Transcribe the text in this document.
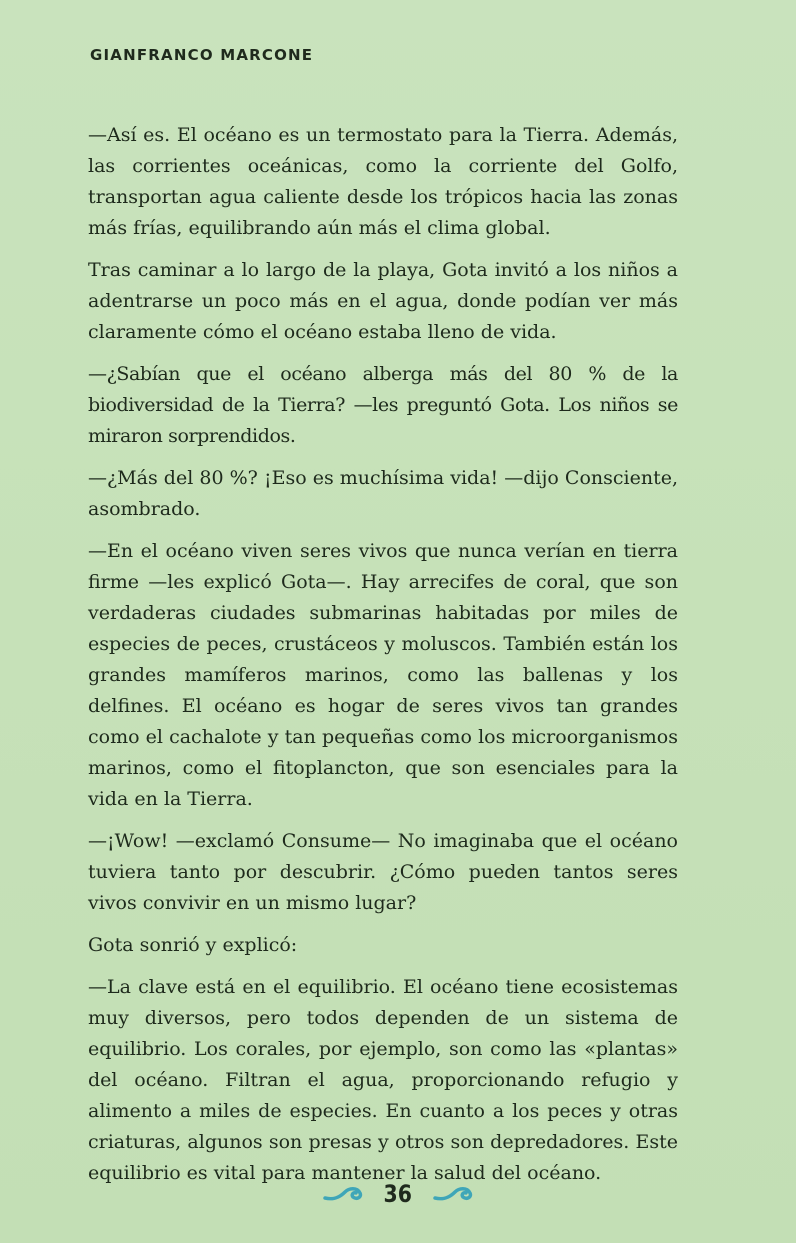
GIANFRANCO MARCONE

—Así es. El océano es un termostato para la Tierra. Además, las corrientes oceánicas, como la corriente del Golfo, transportan agua caliente desde los trópicos hacia las zonas más frías, equilibrando aún más el clima global.

Tras caminar a lo largo de la playa, Gota invitó a los niños a adentrarse un poco más en el agua, donde podían ver más claramente cómo el océano estaba lleno de vida.

—¿Sabían que el océano alberga más del 80 % de la biodiversidad de la Tierra? —les preguntó Gota. Los niños se miraron sorprendidos.

—¿Más del 80 %? ¡Eso es muchísima vida! —dijo Consciente, asombrado.

—En el océano viven seres vivos que nunca verían en tierra firme —les explicó Gota—. Hay arrecifes de coral, que son verdaderas ciudades submarinas habitadas por miles de especies de peces, crustáceos y moluscos. También están los grandes mamíferos marinos, como las ballenas y los delfines. El océano es hogar de seres vivos tan grandes como el cachalote y tan pequeñas como los microorganismos marinos, como el fitoplancton, que son esenciales para la vida en la Tierra.

—¡Wow! —exclamó Consume— No imaginaba que el océano tuviera tanto por descubrir. ¿Cómo pueden tantos seres vivos convivir en un mismo lugar?

Gota sonrió y explicó:

—La clave está en el equilibrio. El océano tiene ecosistemas muy diversos, pero todos dependen de un sistema de equilibrio. Los corales, por ejemplo, son como las «plantas» del océano. Filtran el agua, proporcionando refugio y alimento a miles de especies. En cuanto a los peces y otras criaturas, algunos son presas y otros son depredadores. Este equilibrio es vital para mantener la salud del océano.

36
